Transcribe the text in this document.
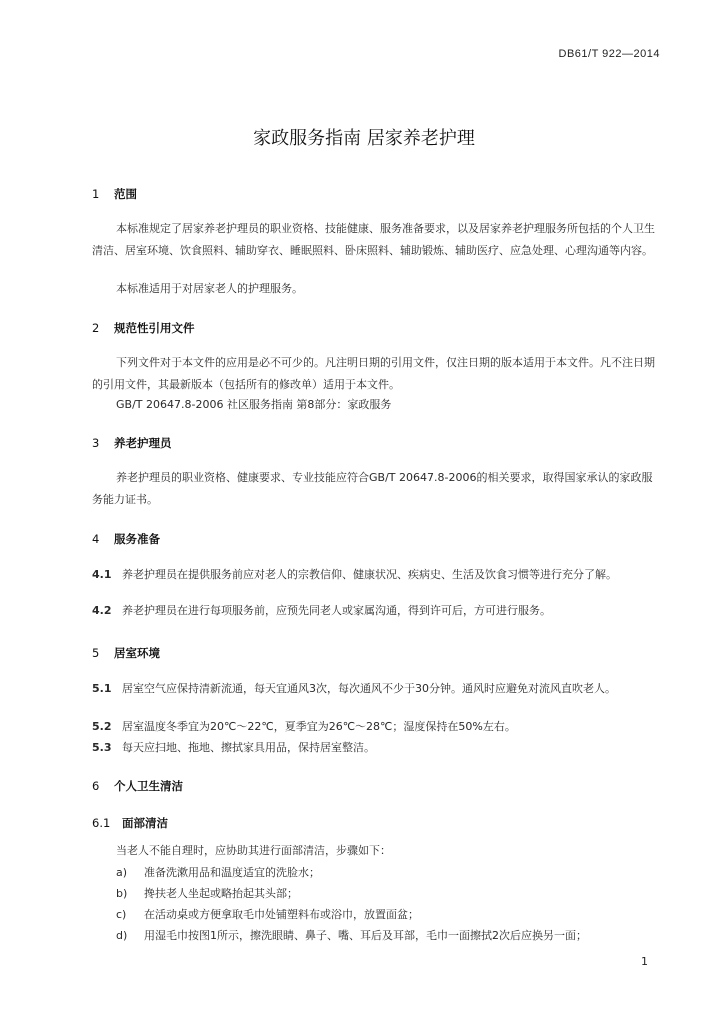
DB61/T 922—2014
家政服务指南 居家养老护理
1 范围
本标准规定了居家养老护理员的职业资格、技能健康、服务准备要求，以及居家养老护理服务所包括的个人卫生清洁、居室环境、饮食照料、辅助穿衣、睡眠照料、卧床照料、辅助锻炼、辅助医疗、应急处理、心理沟通等内容。
本标准适用于对居家老人的护理服务。
2 规范性引用文件
下列文件对于本文件的应用是必不可少的。凡注明日期的引用文件，仅注日期的版本适用于本文件。凡不注日期的引用文件，其最新版本（包括所有的修改单）适用于本文件。
GB/T 20647.8-2006 社区服务指南 第8部分：家政服务
3 养老护理员
养老护理员的职业资格、健康要求、专业技能应符合GB/T 20647.8-2006的相关要求，取得国家承认的家政服务能力证书。
4 服务准备
4.1 养老护理员在提供服务前应对老人的宗教信仰、健康状况、疾病史、生活及饮食习惯等进行充分了解。
4.2 养老护理员在进行每项服务前，应预先同老人或家属沟通，得到许可后，方可进行服务。
5 居室环境
5.1 居室空气应保持清新流通，每天宜通风3次，每次通风不少于30分钟。通风时应避免对流风直吹老人。
5.2 居室温度冬季宜为20℃～22℃，夏季宜为26℃～28℃；湿度保持在50%左右。
5.3 每天应扫地、拖地、擦拭家具用品，保持居室整洁。
6 个人卫生清洁
6.1 面部清洁
当老人不能自理时，应协助其进行面部清洁，步骤如下：
a) 准备洗漱用品和温度适宜的洗脸水；
b) 搀扶老人坐起或略抬起其头部；
c) 在活动桌或方便拿取毛巾处铺塑料布或浴巾，放置面盆；
d) 用湿毛巾按图1所示，擦洗眼睛、鼻子、嘴、耳后及耳部，毛巾一面擦拭2次后应换另一面；
1
